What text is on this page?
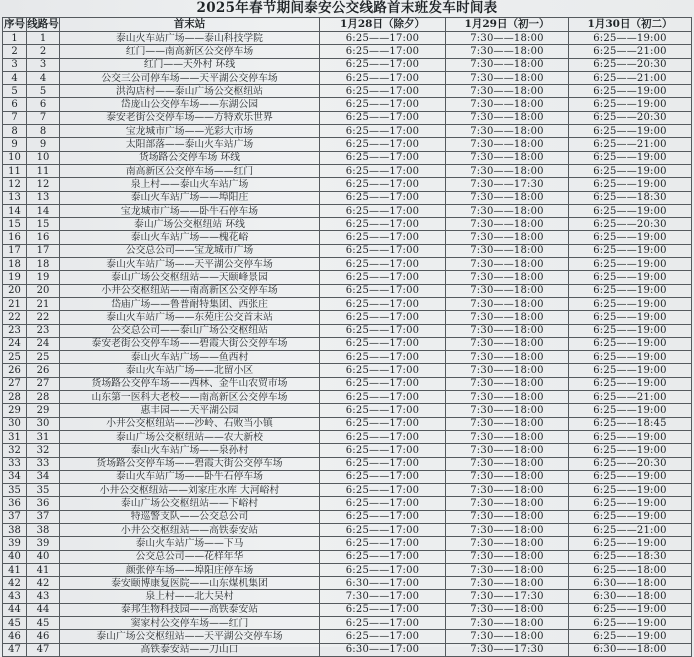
2025年春节期间泰安公交线路首末班发车时间表
序号	线路号	首末站	1月28日（除夕）	1月29日（初一）	1月30日（初二）
1	1	泰山火车站广场——泰山科技学院	6:25——17:00	7:30——18:00	6:25——19:00
2	2	红门——南高新区公交停车场	6:25——17:00	7:30——18:00	6:25——21:00
3	3	红门——天外村 环线	6:25——17:00	7:30——18:00	6:25——20:30
4	4	公交三公司停车场——天平湖公交停车场	6:25——17:00	7:30——18:00	6:25——21:00
5	5	洪沟店村——泰山广场公交枢纽站	6:25——17:00	7:30——18:00	6:25——19:00
6	6	岱庞山公交停车场——东湖公园	6:25——17:00	7:30——18:00	6:25——19:00
7	7	泰安老街公交停车场——方特欢乐世界	6:25——17:00	7:30——18:00	6:25——20:30
8	8	宝龙城市广场——光彩大市场	6:25——17:00	7:30——18:00	6:25——19:00
9	9	太阳部落——泰山火车站广场	6:25——17:00	7:30——18:00	6:25——21:00
10	10	货场路公交停车场 环线	6:25——17:00	7:30——18:00	6:25——19:00
11	11	南高新区公交停车场——红门	6:25——17:00	7:30——18:00	6:25——19:00
12	12	泉上村——泰山火车站广场	6:25——17:00	7:30——17:30	6:25——19:00
13	13	泰山火车站广场——埠阳庄	6:25——17:00	7:30——18:00	6:25——18:30
14	14	宝龙城市广场——卧牛石停车场	6:25——17:00	7:30——18:00	6:25——19:00
15	15	泰山广场公交枢纽站 环线	6:25——17:00	7:30——18:00	6:25——20:30
16	16	泰山火车站广场——槐花峪	6:25——17:00	7:30——18:00	6:25——19:00
17	17	公交总公司——宝龙城市广场	6:25——17:00	7:30——18:00	6:25——19:00
18	18	泰山火车站广场——天平湖公交停车场	6:25——17:00	7:30——18:00	6:25——19:00
19	19	泰山广场公交枢纽站——天颐峰景园	6:25——17:00	7:30——18:00	6:25——19:00
20	20	小井公交枢纽站——南高新区公交停车场	6:25——17:00	7:30——18:00	6:25——19:00
21	21	岱庙广场——鲁普耐特集团、西张庄	6:25——17:00	7:30——18:00	6:25——19:00
22	22	泰山火车站广场——东苑庄公交首末站	6:25——17:00	7:30——18:00	6:25——19:00
23	23	公交总公司——泰山广场公交枢纽站	6:25——17:00	7:30——18:00	6:25——19:00
24	24	泰安老街公交停车场——碧霞大街公交停车场	6:25——17:00	7:30——18:00	6:25——19:00
25	25	泰山火车站广场——鱼西村	6:25——17:00	7:30——18:00	6:25——19:00
26	26	泰山火车站广场——北留小区	6:25——17:00	7:30——18:00	6:25——19:00
27	27	货场路公交停车场——西林、金牛山农贸市场	6:25——17:00	7:30——18:00	6:25——19:00
28	28	山东第一医科大老校——南高新区公交停车场	6:25——17:00	7:30——18:00	6:25——21:00
29	29	惠丰园——天平湖公园	6:25——17:00	7:30——18:00	6:25——19:00
30	30	小井公交枢纽站——沙岭、石败当小镇	6:25——17:00	7:30——18:00	6:25——18:45
31	31	泰山广场公交枢纽站——农大新校	6:25——17:00	7:30——18:00	6:25——19:00
32	32	泰山火车站广场——泉孙村	6:25——17:00	7:30——18:00	6:25——19:00
33	33	货场路公交停车场——碧霞大街公交停车场	6:25——17:00	7:30——18:00	6:25——20:30
34	34	泰山火车站广场——卧牛石停车场	6:25——17:00	7:30——18:00	6:25——19:00
35	35	小井公交枢纽站——刘家庄水库 大河峪村	6:25——17:00	7:30——18:00	6:25——19:00
36	36	泰山广场公交枢纽站——下峪村	6:25——17:00	7:30——18:00	6:25——19:00
37	37	特巡警支队——公交总公司	6:25——17:00	7:30——18:00	6:25——19:00
38	38	小井公交枢纽站——高铁泰安站	6:25——17:00	7:30——18:00	6:25——21:00
39	39	泰山火车站广场——下马	6:25——17:00	7:30——18:00	6:25——19:00
40	40	公交总公司——花样年华	6:25——17:00	7:30——18:00	6:25——18:30
41	41	颜张停车场——埠阳庄停车场	6:25——17:00	7:30——18:00	6:25——18:00
42	42	泰安颐博康复医院——山东煤机集团	6:30——17:00	7:30——18:00	6:30——18:00
43	43	泉上村——北大吴村	7:30——17:00	7:30——17:30	6:30——18:00
44	44	泰邦生物科技园——高铁泰安站	6:25——17:00	7:30——18:00	6:25——19:00
45	45	窦家村公交停车场——红门	6:25——17:00	7:30——18:00	6:25——19:00
46	46	泰山广场公交枢纽站——天平湖公交停车场	6:25——17:00	7:30——18:00	6:25——19:00
47	47	高铁泰安站——刀山口	6:30——17:00	7:30——17:30	6:30——18:00
